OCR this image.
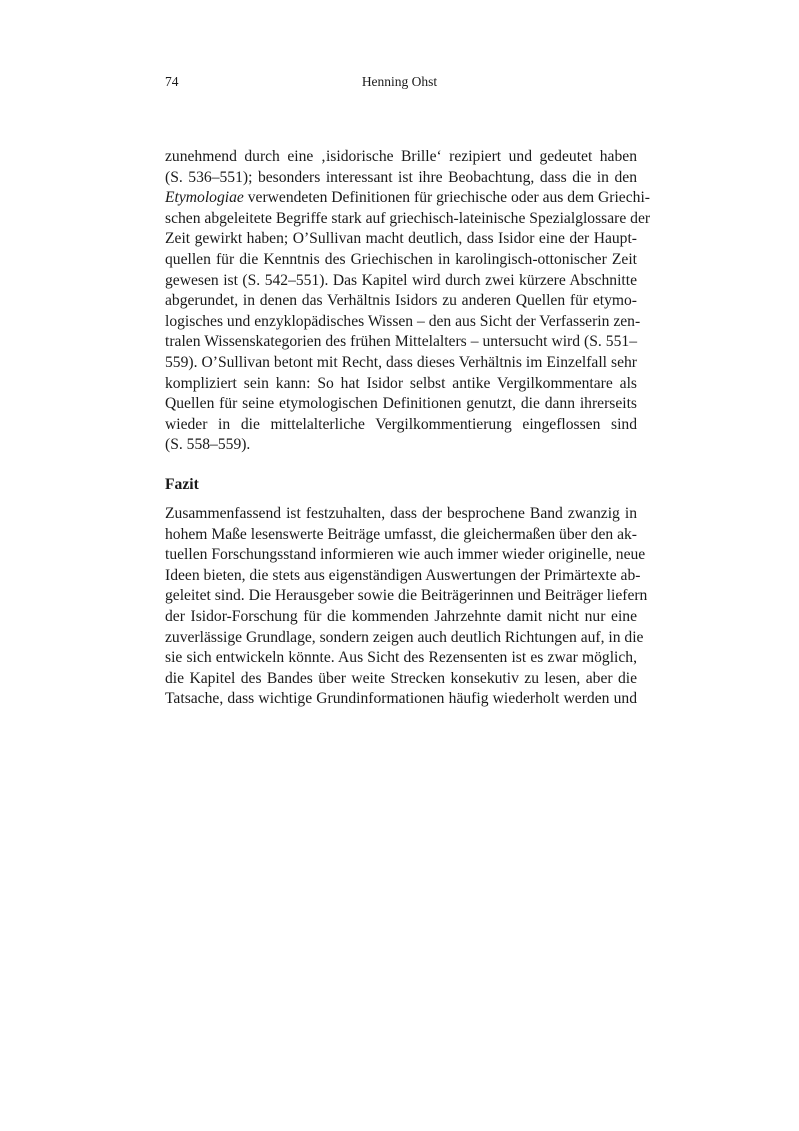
74	Henning Ohst
zunehmend durch eine ‚isidorische Brille‘ rezipiert und gedeutet haben
(S. 536–551); besonders interessant ist ihre Beobachtung, dass die in den
Etymologiae verwendeten Definitionen für griechische oder aus dem Griechi-
schen abgeleitete Begriffe stark auf griechisch-lateinische Spezialglossare der
Zeit gewirkt haben; O’Sullivan macht deutlich, dass Isidor eine der Haupt-
quellen für die Kenntnis des Griechischen in karolingisch-ottonischer Zeit
gewesen ist (S. 542–551). Das Kapitel wird durch zwei kürzere Abschnitte
abgerundet, in denen das Verhältnis Isidors zu anderen Quellen für etymo-
logisches und enzyklopädisches Wissen – den aus Sicht der Verfasserin zen-
tralen Wissenskategorien des frühen Mittelalters – untersucht wird (S. 551–
559). O’Sullivan betont mit Recht, dass dieses Verhältnis im Einzelfall sehr
kompliziert sein kann: So hat Isidor selbst antike Vergilkommentare als
Quellen für seine etymologischen Definitionen genutzt, die dann ihrerseits
wieder in die mittelalterliche Vergilkommentierung eingeflossen sind
(S. 558–559).
Fazit
Zusammenfassend ist festzuhalten, dass der besprochene Band zwanzig in
hohem Maße lesenswerte Beiträge umfasst, die gleichermaßen über den ak-
tuellen Forschungsstand informieren wie auch immer wieder originelle, neue
Ideen bieten, die stets aus eigenständigen Auswertungen der Primärtexte ab-
geleitet sind. Die Herausgeber sowie die Beiträgerinnen und Beiträger liefern
der Isidor-Forschung für die kommenden Jahrzehnte damit nicht nur eine
zuverlässige Grundlage, sondern zeigen auch deutlich Richtungen auf, in die
sie sich entwickeln könnte. Aus Sicht des Rezensenten ist es zwar möglich,
die Kapitel des Bandes über weite Strecken konsekutiv zu lesen, aber die
Tatsache, dass wichtige Grundinformationen häufig wiederholt werden und
